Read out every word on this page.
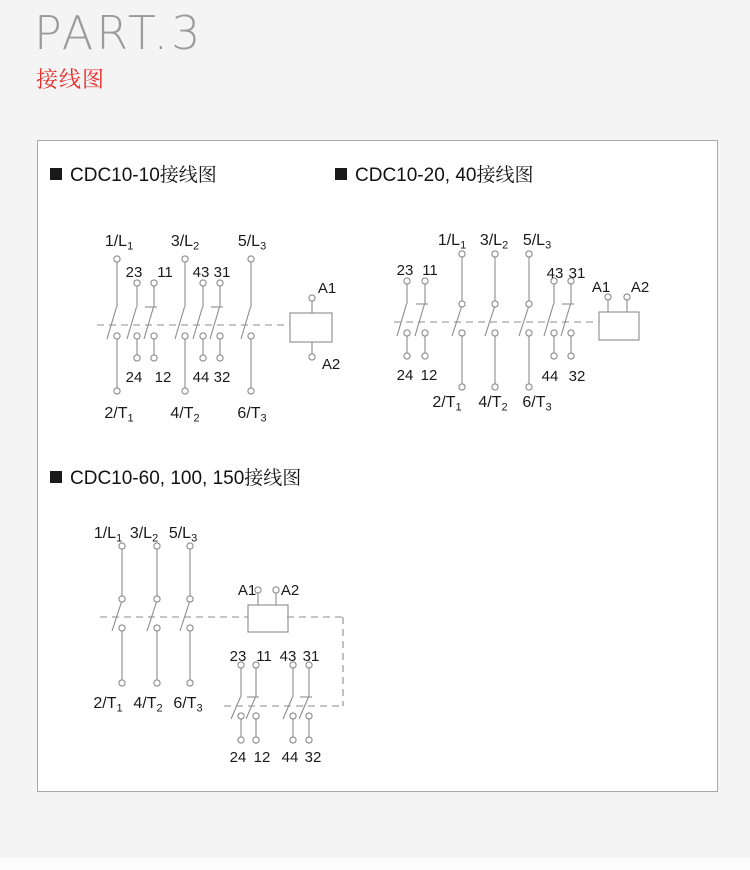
PART.3
接线图
CDC10-10接线图	CDC10-20, 40接线图
CDC10-60, 100, 150接线图
$1/L_1$
$2/T_1$
$3/L_2$
$4/T_2$
$5/L_3$
$6/T_3$
23
24
11
12
43
44
31
32
A1
A2
$1/L_1$
$2/T_1$
$3/L_2$
$4/T_2$
$5/L_3$
$6/T_3$
23
24
11
12
43
44
31
32
A1 A2
$1/L_1$
$2/T_1$
$3/L_2$
$4/T_2$
$5/L_3$
$6/T_3$
23
24
11
12
43
44
31
32
A1 A2
